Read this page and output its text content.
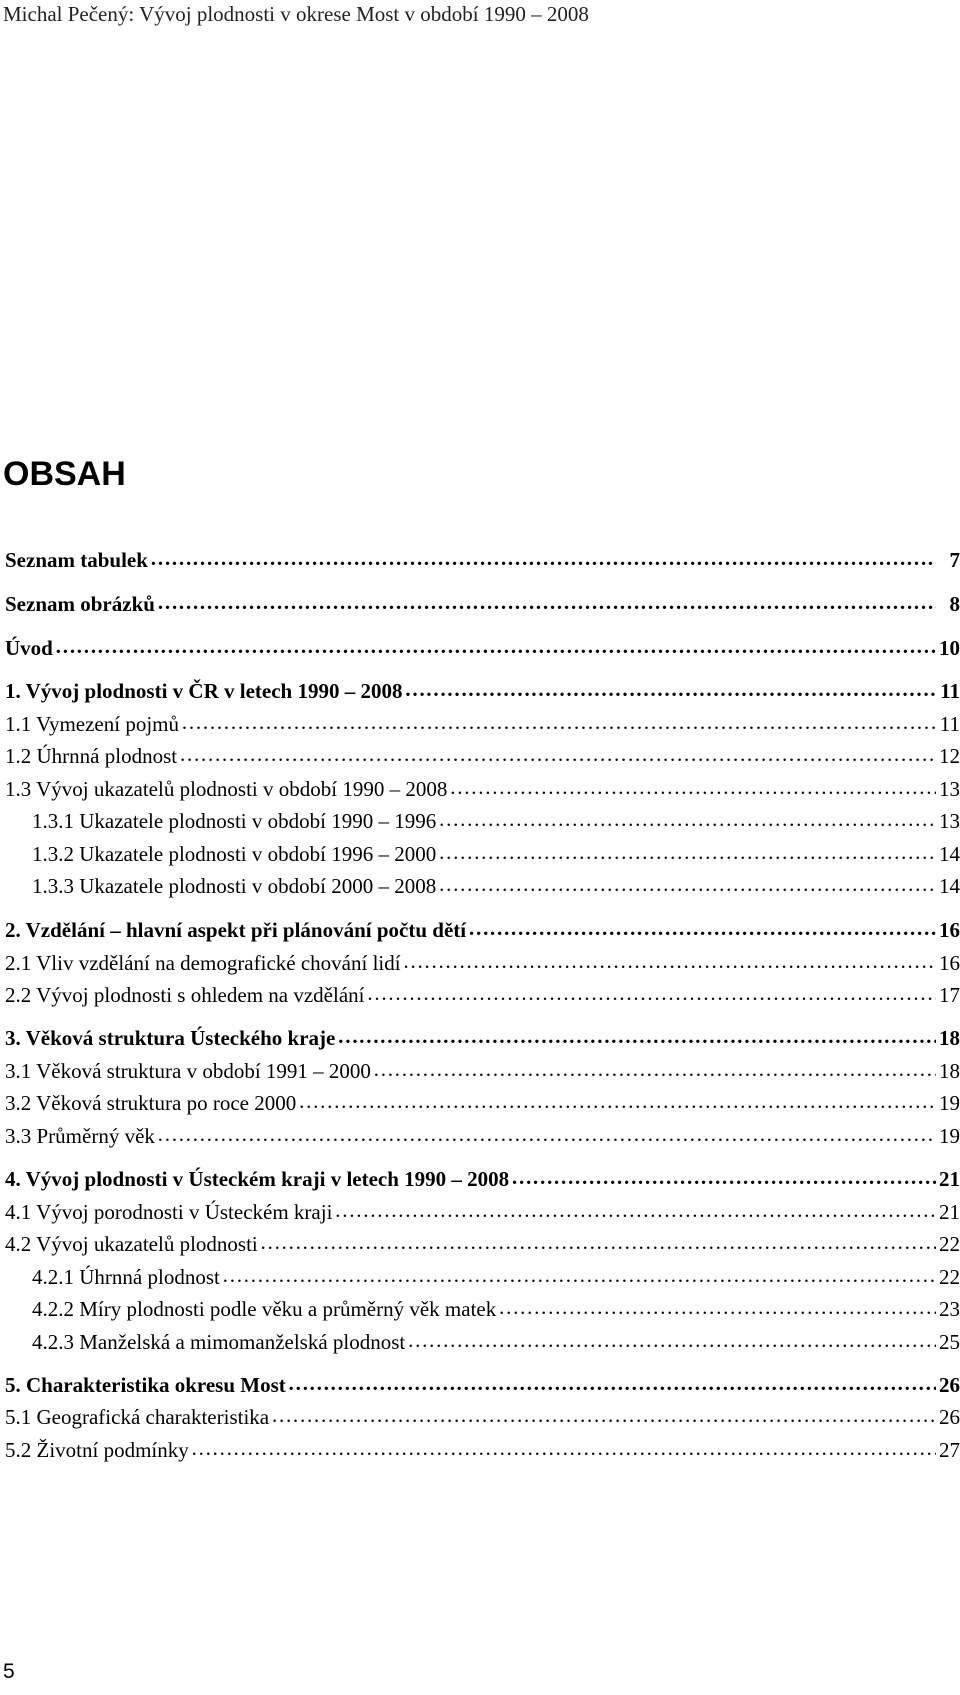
Michal Pečený: Vývoj plodnosti v okrese Most v období 1990 – 2008
OBSAH
Seznam tabulek ……………………………………………………………………………………………………………………………………………………………………………………………………………	7
Seznam obrázků ……………………………………………………………………………………………………………………………………………………………………………………………………………	8
Úvod ……………………………………………………………………………………………………………………………………………………………………………………………………………	10
1. Vývoj plodnosti v ČR v letech 1990 – 2008 ……………………………………………………………………………………………………………………………………………………………………………………………………………	11
1.1 Vymezení pojmů ……………………………………………………………………………………………………………………………………………………………………………………………………………	11
1.2 Úhrnná plodnost ……………………………………………………………………………………………………………………………………………………………………………………………………………	12
1.3 Vývoj ukazatelů plodnosti v období 1990 – 2008 ……………………………………………………………………………………………………………………………………………………………………………………………………………	13
1.3.1 Ukazatele plodnosti v období 1990 – 1996 ……………………………………………………………………………………………………………………………………………………………………………………………………………	13
1.3.2 Ukazatele plodnosti v období 1996 – 2000 ……………………………………………………………………………………………………………………………………………………………………………………………………………	14
1.3.3 Ukazatele plodnosti v období 2000 – 2008 ……………………………………………………………………………………………………………………………………………………………………………………………………………	14
2. Vzdělání – hlavní aspekt při plánování počtu dětí ……………………………………………………………………………………………………………………………………………………………………………………………………………	16
2.1 Vliv vzdělání na demografické chování lidí ……………………………………………………………………………………………………………………………………………………………………………………………………………	16
2.2 Vývoj plodnosti s ohledem na vzdělání ……………………………………………………………………………………………………………………………………………………………………………………………………………	17
3. Věková struktura Ústeckého kraje ……………………………………………………………………………………………………………………………………………………………………………………………………………	18
3.1 Věková struktura v období 1991 – 2000 ……………………………………………………………………………………………………………………………………………………………………………………………………………	18
3.2 Věková struktura po roce 2000 ……………………………………………………………………………………………………………………………………………………………………………………………………………	19
3.3 Průměrný věk ……………………………………………………………………………………………………………………………………………………………………………………………………………	19
4. Vývoj plodnosti v Ústeckém kraji v letech 1990 – 2008 ……………………………………………………………………………………………………………………………………………………………………………………………………………	21
4.1 Vývoj porodnosti v Ústeckém kraji ……………………………………………………………………………………………………………………………………………………………………………………………………………	21
4.2 Vývoj ukazatelů plodnosti ……………………………………………………………………………………………………………………………………………………………………………………………………………	22
4.2.1 Úhrnná plodnost ……………………………………………………………………………………………………………………………………………………………………………………………………………	22
4.2.2 Míry plodnosti podle věku a průměrný věk matek ……………………………………………………………………………………………………………………………………………………………………………………………………………	23
4.2.3 Manželská a mimomanželská plodnost ……………………………………………………………………………………………………………………………………………………………………………………………………………	25
5. Charakteristika okresu Most ……………………………………………………………………………………………………………………………………………………………………………………………………………	26
5.1 Geografická charakteristika ……………………………………………………………………………………………………………………………………………………………………………………………………………	26
5.2 Životní podmínky ……………………………………………………………………………………………………………………………………………………………………………………………………………	27
5
